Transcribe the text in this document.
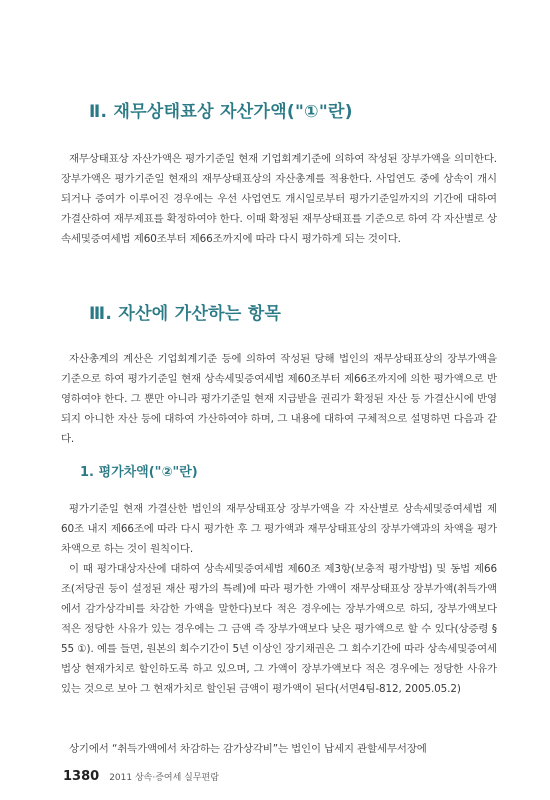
Ⅱ. 재무상태표상 자산가액("①"란)

재무상태표상 자산가액은 평가기준일 현재 기업회계기준에 의하여 작성된 장부가액을 의미한다. 장부가액은 평가기준일 현재의 재무상태표상의 자산총계를 적용한다. 사업연도 중에 상속이 개시되거나 증여가 이루어진 경우에는 우선 사업연도 개시일로부터 평가기준일까지의 기간에 대하여 가결산하여 재무제표를 확정하여야 한다. 이때 확정된 재무상태표를 기준으로 하여 각 자산별로 상속세및증여세법 제60조부터 제66조까지에 따라 다시 평가하게 되는 것이다.

Ⅲ. 자산에 가산하는 항목

자산총계의 계산은 기업회계기준 등에 의하여 작성된 당해 법인의 재무상태표상의 장부가액을 기준으로 하여 평가기준일 현재 상속세및증여세법 제60조부터 제66조까지에 의한 평가액으로 반영하여야 한다. 그 뿐만 아니라 평가기준일 현재 지급받을 권리가 확정된 자산 등 가결산시에 반영되지 아니한 자산 등에 대하여 가산하여야 하며, 그 내용에 대하여 구체적으로 설명하면 다음과 같다.

1. 평가차액("②"란)

평가기준일 현재 가결산한 법인의 재무상태표상 장부가액을 각 자산별로 상속세및증여세법 제60조 내지 제66조에 따라 다시 평가한 후 그 평가액과 재무상태표상의 장부가액과의 차액을 평가차액으로 하는 것이 원칙이다.

이 때 평가대상자산에 대하여 상속세및증여세법 제60조 제3항(보충적 평가방법) 및 동법 제66조(저당권 등이 설정된 재산 평가의 특례)에 따라 평가한 가액이 재무상태표상 장부가액(취득가액에서 감가상각비를 차감한 가액을 말한다)보다 적은 경우에는 장부가액으로 하되, 장부가액보다 적은 정당한 사유가 있는 경우에는 그 금액 즉 장부가액보다 낮은 평가액으로 할 수 있다(상증령 § 55 ①). 예를 들면, 원본의 회수기간이 5년 이상인 장기채권은 그 회수기간에 따라 상속세및증여세법상 현재가치로 할인하도록 하고 있으며, 그 가액이 장부가액보다 적은 경우에는 정당한 사유가 있는 것으로 보아 그 현재가치로 할인된 금액이 평가액이 된다(서면4팀-812, 2005.05.2)

상기에서 “취득가액에서 차감하는 감가상각비”는 법인이 납세지 관할세무서장에

1380 2011 상속·증여세 실무편람
